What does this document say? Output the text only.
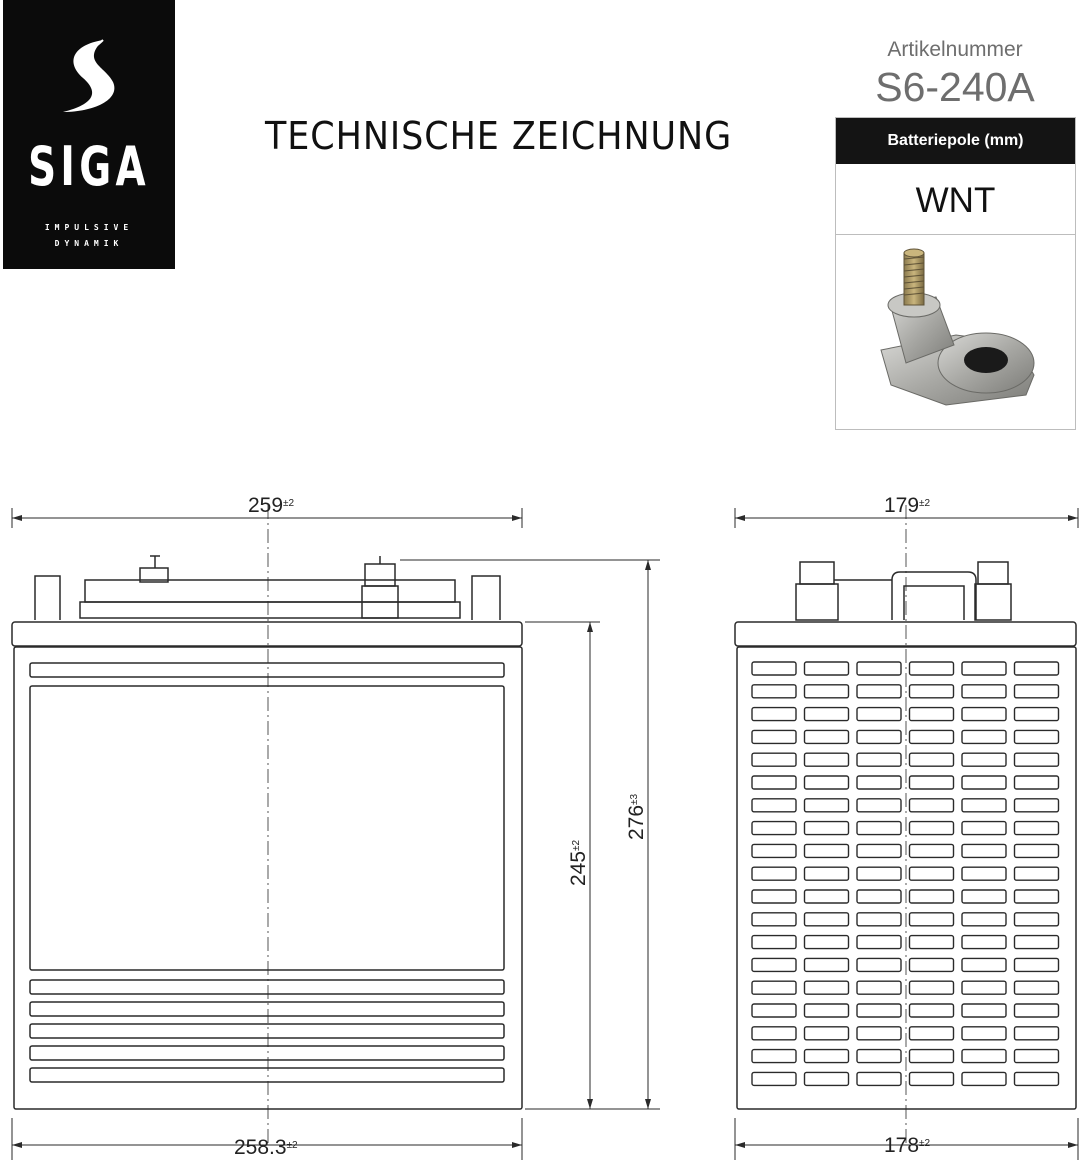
SIGA
IMPULSIVE
DYNAMIK
TECHNISCHE ZEICHNUNG
Artikelnummer
S6-240A
Batteriepole (mm)
WNT
$259^{\pm 2}$
$258.3^{\pm 2}$
$179^{\pm 2}$
$178^{\pm 2}$
$245^{\pm 2}$
$276^{\pm 3}$
